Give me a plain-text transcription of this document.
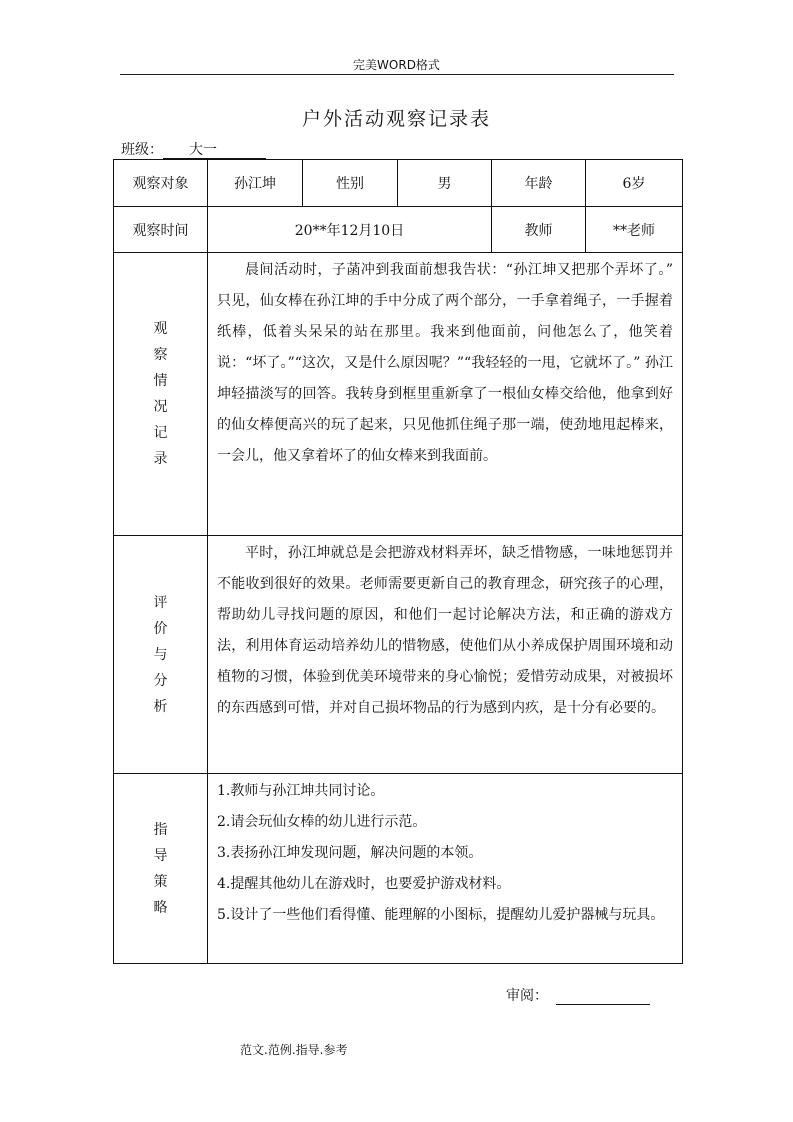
完美WORD格式
户外活动观察记录表
班级： 大一
观察对象	孙江坤	性别	男	年龄	6岁
观察时间	20**年12月10日			教师	**老师
观察情况记录	晨间活动时，子菡冲到我面前想我告状：“孙江坤又把那个弄坏了。” 只见，仙女棒在孙江坤的手中分成了两个部分，一手拿着绳子，一手握着纸棒，低着头呆呆的站在那里。我来到他面前，问他怎么了，他笑着说：“坏了。”“这次，又是什么原因呢？”“我轻轻的一甩，它就坏了。” 孙江坤轻描淡写的回答。我转身到框里重新拿了一根仙女棒交给他，他拿到好的仙女棒便高兴的玩了起来，只见他抓住绳子那一端，使劲地甩起棒来，一会儿，他又拿着坏了的仙女棒来到我面前。				

评价与分析	平时，孙江坤就总是会把游戏材料弄坏，缺乏惜物感，一味地惩罚并不能收到很好的效果。老师需要更新自己的教育理念，研究孩子的心理，帮助幼儿寻找问题的原因，和他们一起讨论解决方法，和正确的游戏方法，利用体育运动培养幼儿的惜物感，使他们从小养成保护周围环境和动植物的习惯，体验到优美环境带来的身心愉悦；爱惜劳动成果，对被损坏的东西感到可惜，并对自己损坏物品的行为感到内疚，是十分有必要的。				

指导策略	1.教师与孙江坤共同讨论。
2.请会玩仙女棒的幼儿进行示范。
3.表扬孙江坤发现问题，解决问题的本领。
4.提醒其他幼儿在游戏时，也要爱护游戏材料。
5.设计了一些他们看得懂、能理解的小图标，提醒幼儿爱护器械与玩具。				
审阅：
范文.范例.指导.参考
